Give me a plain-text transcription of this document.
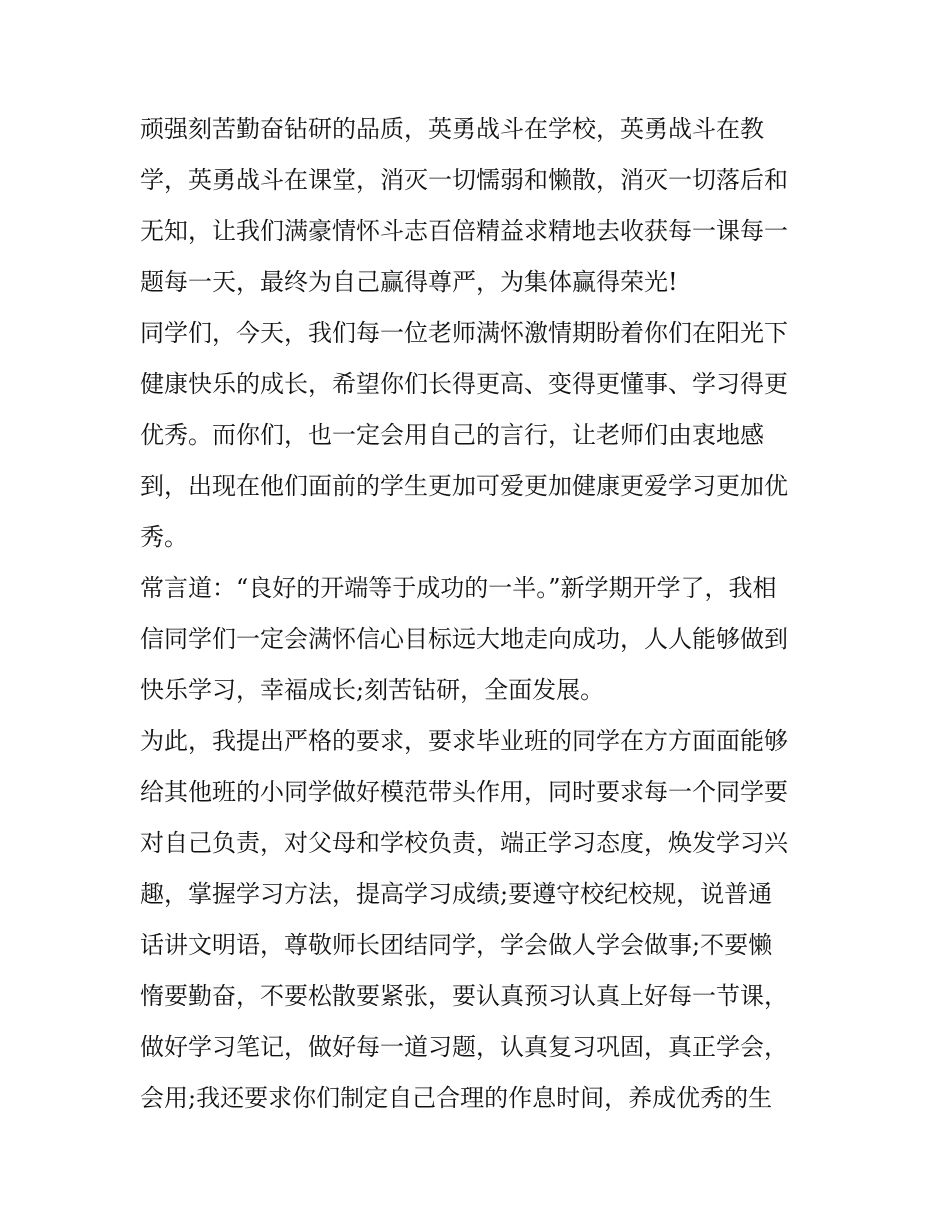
顽强刻苦勤奋钻研的品质，英勇战斗在学校，英勇战斗在教
学，英勇战斗在课堂，消灭一切懦弱和懒散，消灭一切落后和
无知，让我们满豪情怀斗志百倍精益求精地去收获每一课每一
题每一天，最终为自己赢得尊严，为集体赢得荣光!
同学们，今天，我们每一位老师满怀激情期盼着你们在阳光下
健康快乐的成长，希望你们长得更高、变得更懂事、学习得更
优秀。而你们，也一定会用自己的言行，让老师们由衷地感
到，出现在他们面前的学生更加可爱更加健康更爱学习更加优
秀。
常言道：“良好的开端等于成功的一半。”新学期开学了，我相
信同学们一定会满怀信心目标远大地走向成功，人人能够做到
快乐学习，幸福成长;刻苦钻研，全面发展。
为此，我提出严格的要求，要求毕业班的同学在方方面面能够
给其他班的小同学做好模范带头作用，同时要求每一个同学要
对自己负责，对父母和学校负责，端正学习态度，焕发学习兴
趣，掌握学习方法，提高学习成绩;要遵守校纪校规，说普通
话讲文明语，尊敬师长团结同学，学会做人学会做事;不要懒
惰要勤奋，不要松散要紧张，要认真预习认真上好每一节课，
做好学习笔记，做好每一道习题，认真复习巩固，真正学会，
会用;我还要求你们制定自己合理的作息时间，养成优秀的生
